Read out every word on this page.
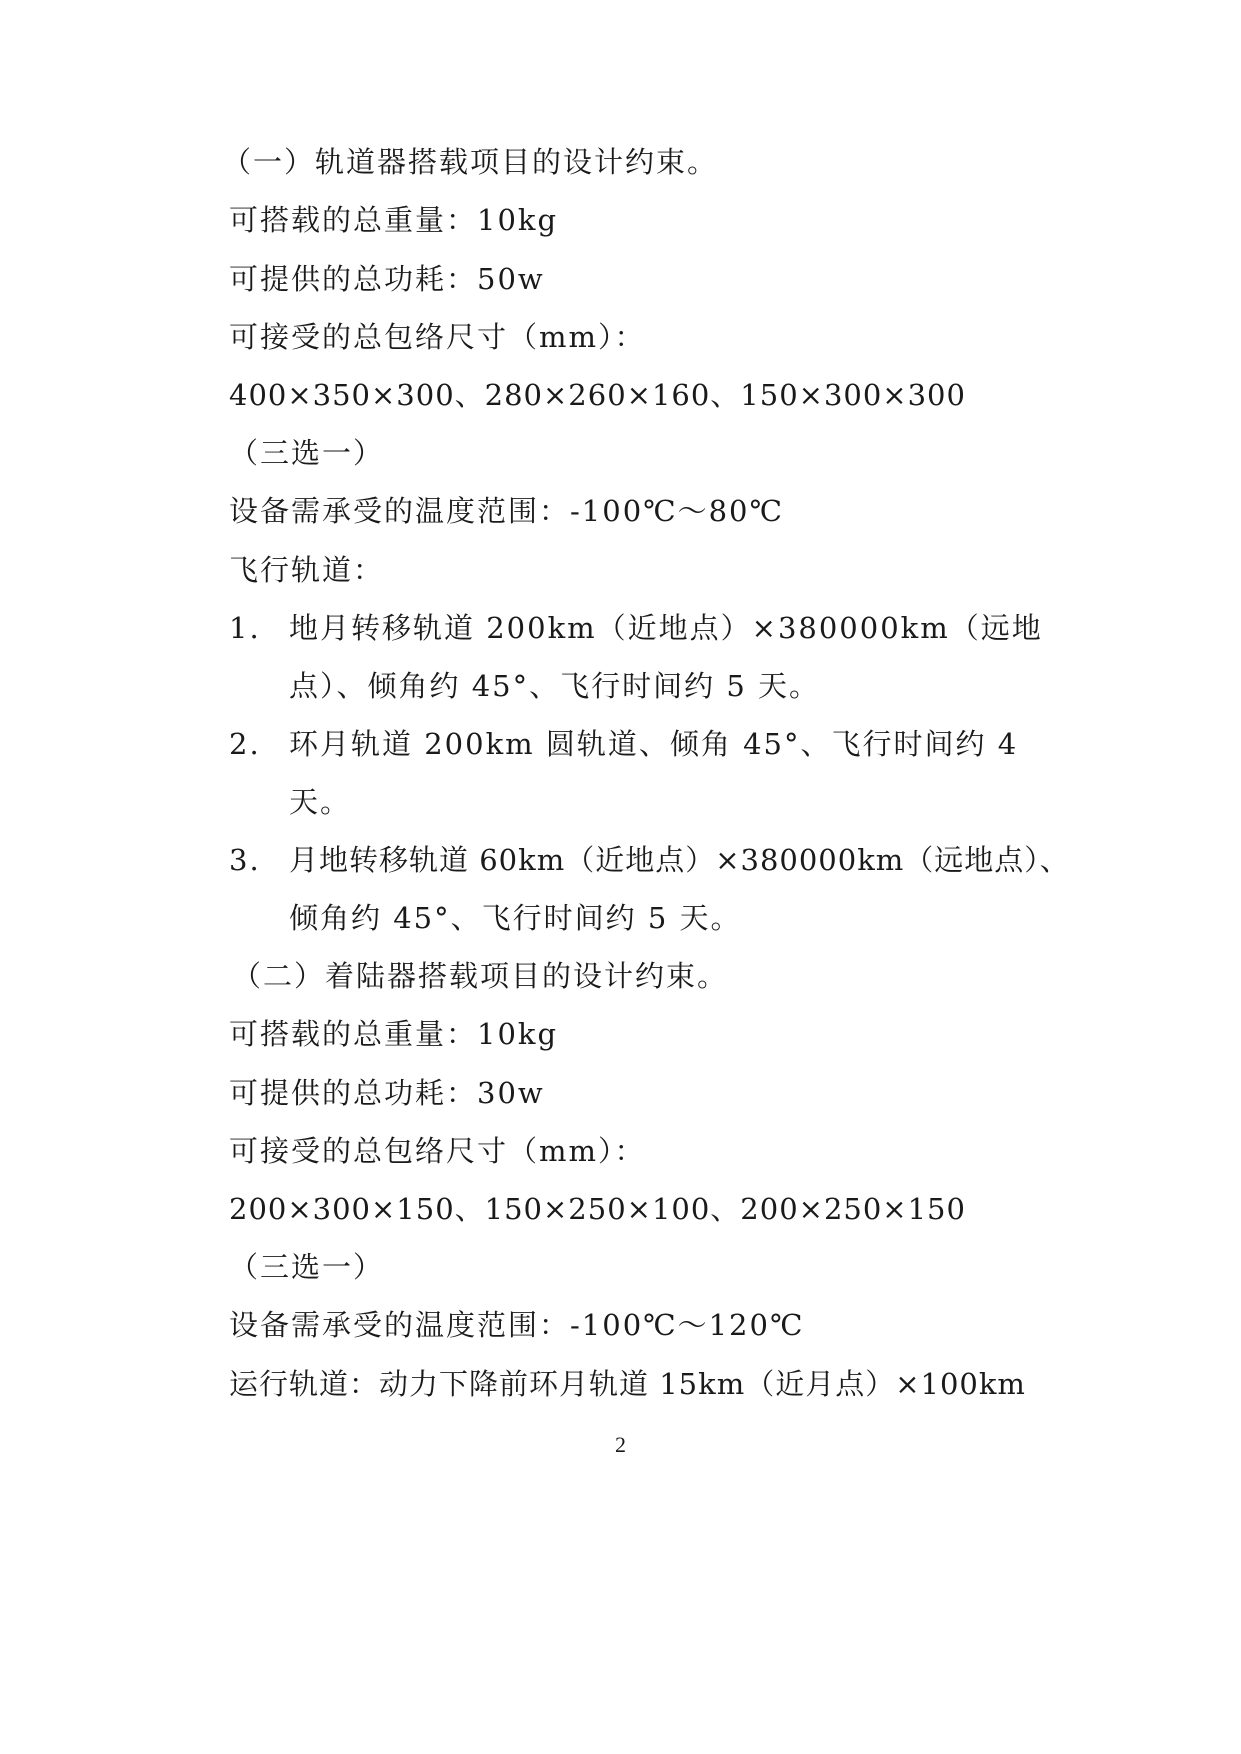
（一）轨道器搭载项目的设计约束。
可搭载的总重量：10kg
可提供的总功耗：50w
可接受的总包络尺寸（mm）：
400×350×300、280×260×160、150×300×300
（三选一）
设备需承受的温度范围：-100℃～80℃
飞行轨道：
1. 地月转移轨道 200km（近地点）×380000km（远地
点）、倾角约 45°、飞行时间约 5 天。
2. 环月轨道 200km 圆轨道、倾角 45°、飞行时间约 4
天。
3. 月地转移轨道 60km（近地点）×380000km（远地点）、
倾角约 45°、飞行时间约 5 天。
（二）着陆器搭载项目的设计约束。
可搭载的总重量：10kg
可提供的总功耗：30w
可接受的总包络尺寸（mm）：
200×300×150、150×250×100、200×250×150
（三选一）
设备需承受的温度范围：-100℃～120℃
运行轨道：动力下降前环月轨道 15km（近月点）×100km
2
